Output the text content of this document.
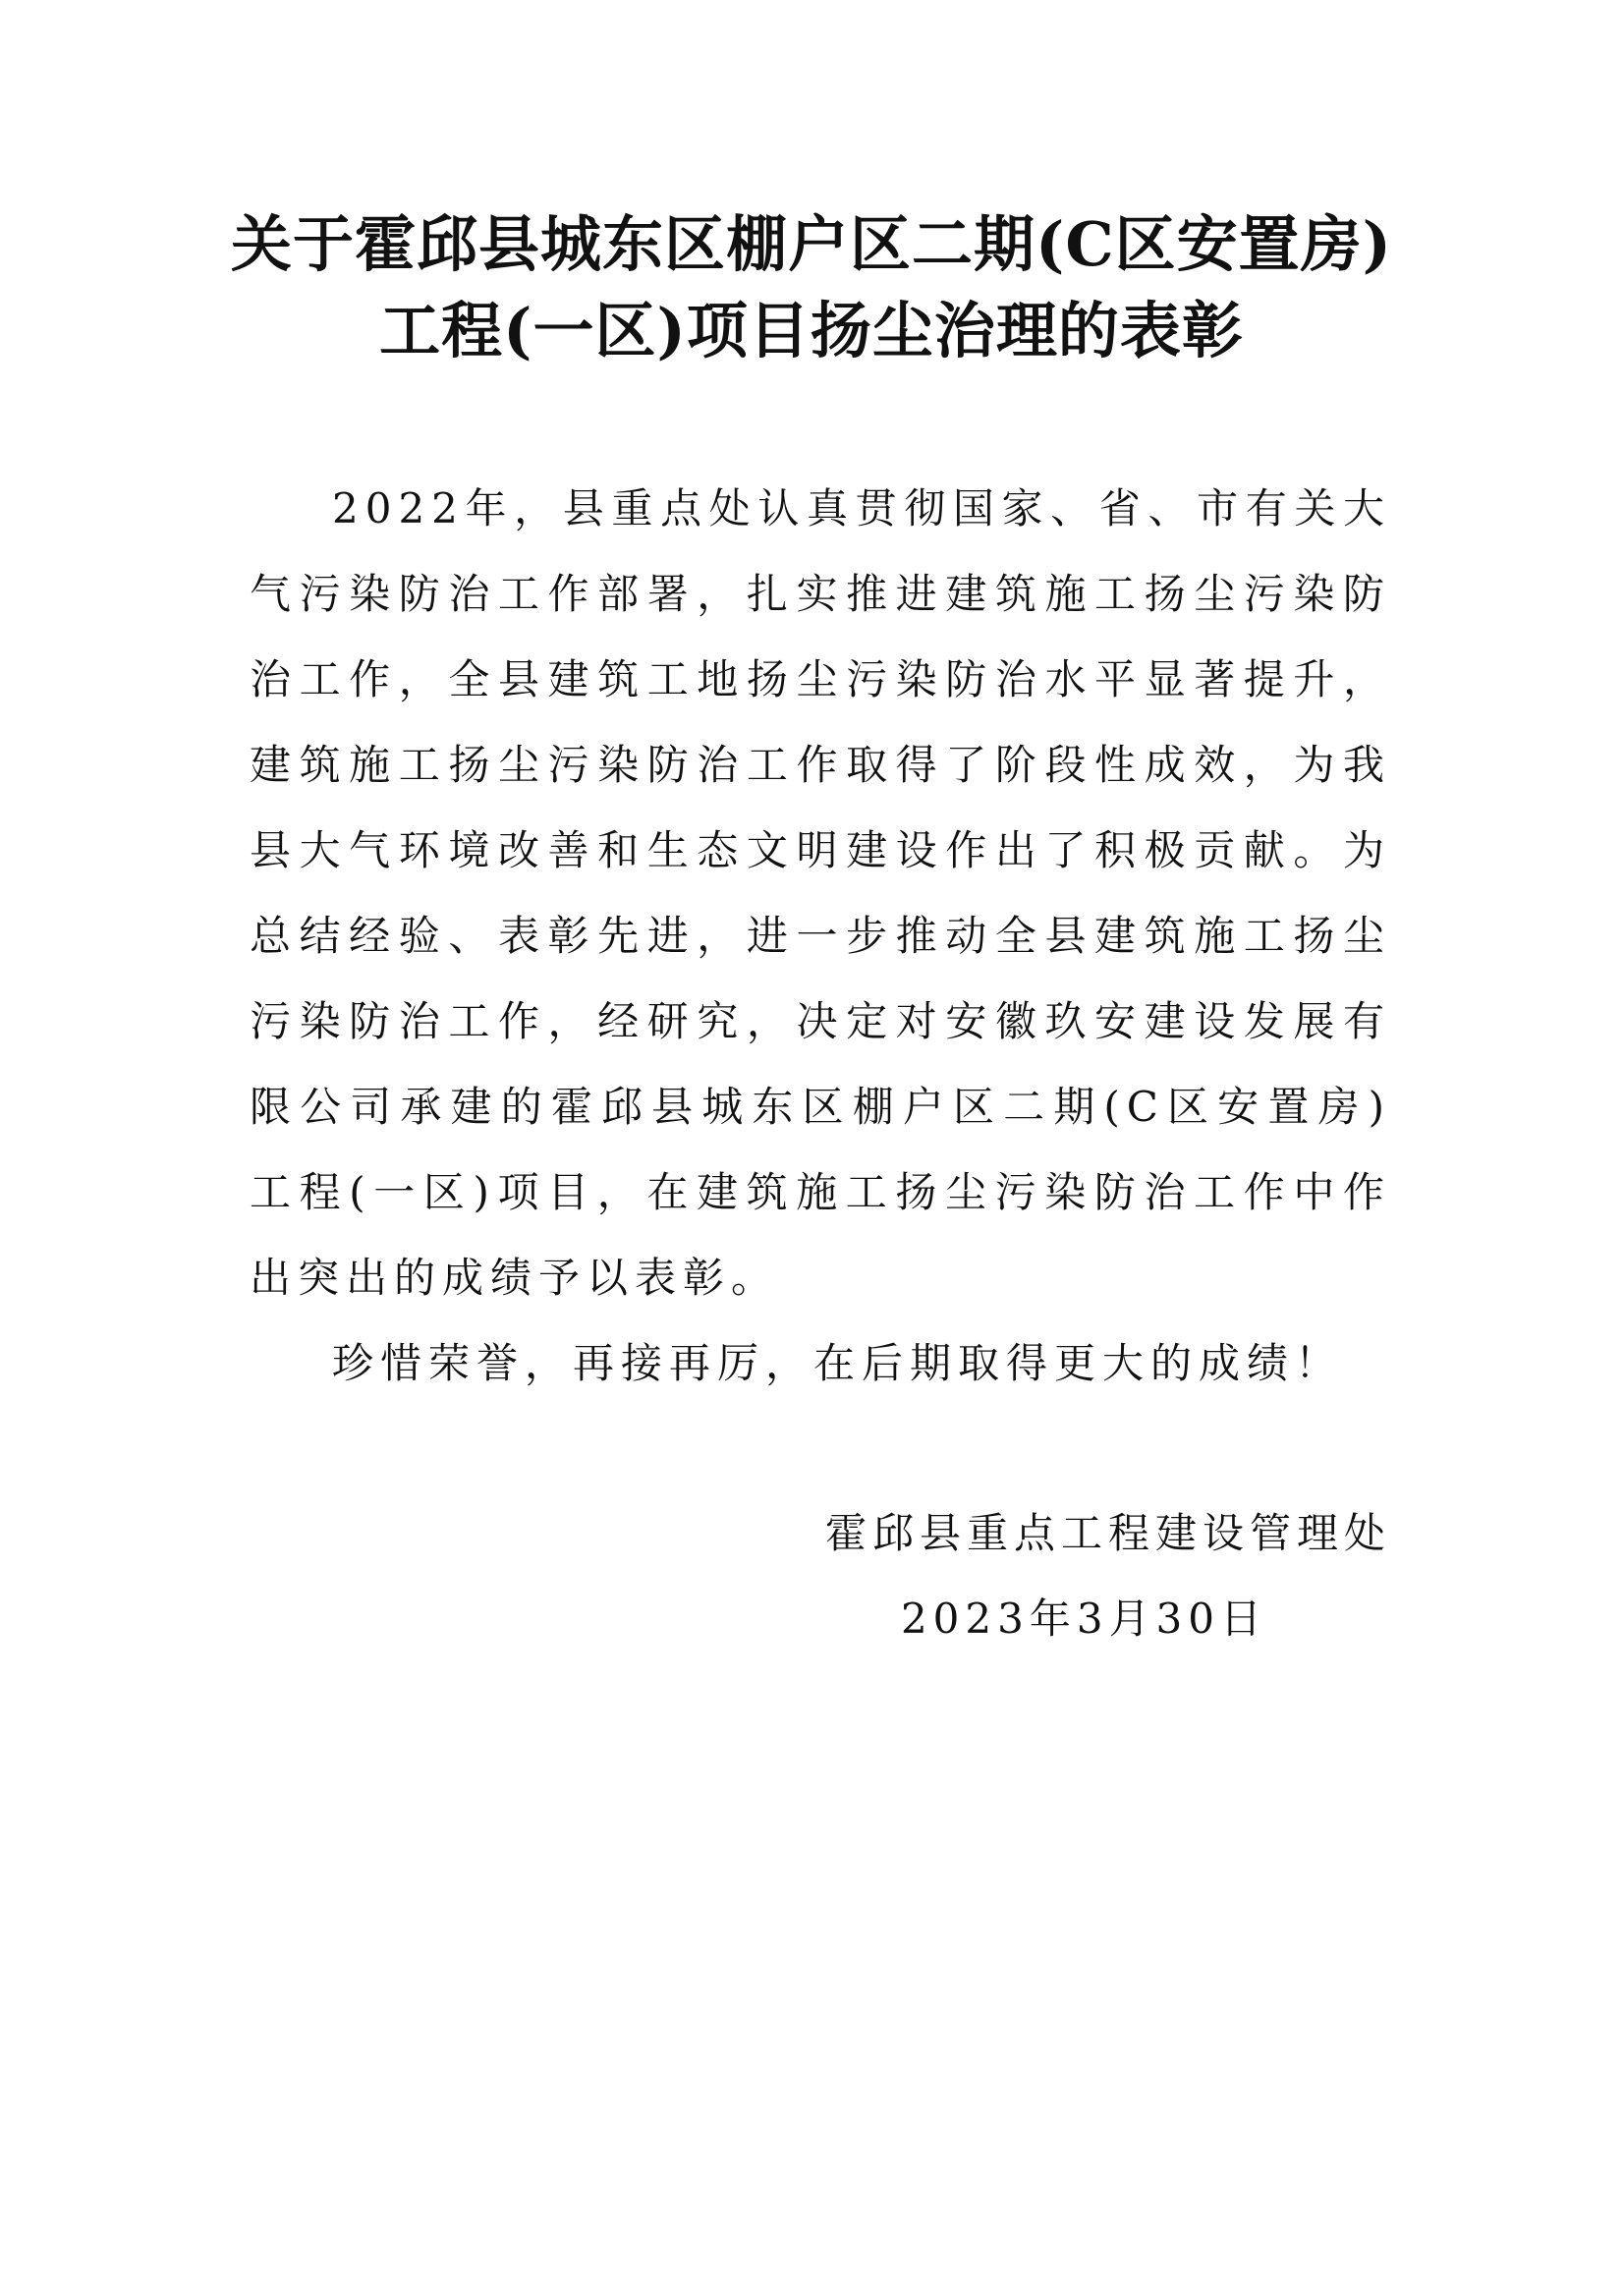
关于霍邱县城东区棚户区二期(C区安置房)
工程(一区)项目扬尘治理的表彰

2022年，县重点处认真贯彻国家、省、市有关大气污染防治工作部署，扎实推进建筑施工扬尘污染防治工作，全县建筑工地扬尘污染防治水平显著提升，建筑施工扬尘污染防治工作取得了阶段性成效，为我县大气环境改善和生态文明建设作出了积极贡献。为总结经验、表彰先进，进一步推动全县建筑施工扬尘污染防治工作，经研究，决定对安徽玖安建设发展有限公司承建的霍邱县城东区棚户区二期(C区安置房)工程(一区)项目，在建筑施工扬尘污染防治工作中作出突出的成绩予以表彰。

珍惜荣誉，再接再厉，在后期取得更大的成绩！

霍邱县重点工程建设管理处
2023年3月30日
